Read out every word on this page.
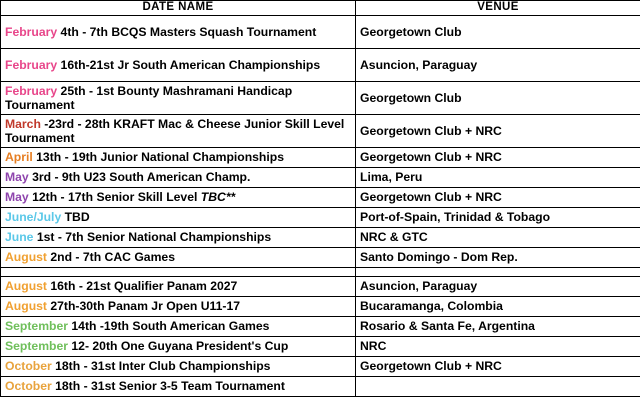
DATE NAME	VENUE
February 4th - 7th BCQS Masters Squash Tournament	Georgetown Club
February 16th-21st Jr South American Championships	Asuncion, Paraguay
February 25th - 1st Bounty Mashramani Handicap Tournament	Georgetown Club
March -23rd - 28th KRAFT Mac & Cheese Junior Skill Level Tournament	Georgetown Club + NRC
April 13th - 19th Junior National Championships	Georgetown Club + NRC
May 3rd - 9th U23 South American Champ.	Lima, Peru
May 12th - 17th Senior Skill Level TBC**	Georgetown Club + NRC
June/July TBD	Port-of-Spain, Trinidad & Tobago
June 1st - 7th Senior National Championships	NRC & GTC
August 2nd - 7th CAC Games	Santo Domingo - Dom Rep.

August 16th - 21st Qualifier Panam 2027	Asuncion, Paraguay
August 27th-30th Panam Jr Open U11-17	Bucaramanga, Colombia
September 14th -19th South American Games	Rosario & Santa Fe, Argentina
September 12- 20th One Guyana President's Cup	NRC
October 18th - 31st Inter Club Championships	Georgetown Club + NRC
October 18th - 31st Senior 3-5 Team Tournament	
